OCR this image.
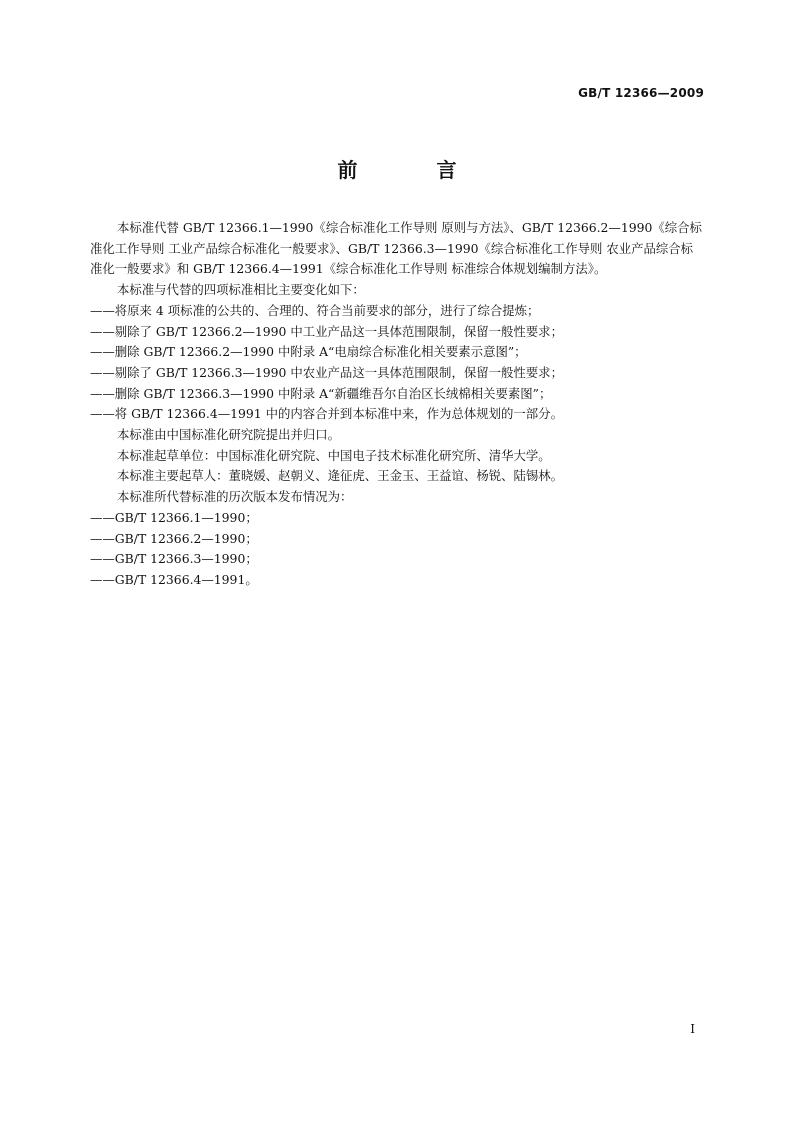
GB/T 12366—2009
前 言

本标准代替 GB/T 12366.1—1990《综合标准化工作导则 原则与方法》、GB/T 12366.2—1990《综合标准化工作导则 工业产品综合标准化一般要求》、GB/T 12366.3—1990《综合标准化工作导则 农业产品综合标准化一般要求》和 GB/T 12366.4—1991《综合标准化工作导则 标准综合体规划编制方法》。

本标准与代替的四项标准相比主要变化如下：

——将原来 4 项标准的公共的、合理的、符合当前要求的部分，进行了综合提炼；

——剔除了 GB/T 12366.2—1990 中工业产品这一具体范围限制，保留一般性要求；

——删除 GB/T 12366.2—1990 中附录 A“电扇综合标准化相关要素示意图”；

——剔除了 GB/T 12366.3—1990 中农业产品这一具体范围限制，保留一般性要求；

——删除 GB/T 12366.3—1990 中附录 A“新疆维吾尔自治区长绒棉相关要素图”；

——将 GB/T 12366.4—1991 中的内容合并到本标准中来，作为总体规划的一部分。

本标准由中国标准化研究院提出并归口。

本标准起草单位：中国标准化研究院、中国电子技术标准化研究所、清华大学。

本标准主要起草人：董晓媛、赵朝义、逄征虎、王金玉、王益谊、杨锐、陆锡林。

本标准所代替标准的历次版本发布情况为：

——GB/T 12366.1—1990；

——GB/T 12366.2—1990；

——GB/T 12366.3—1990；

——GB/T 12366.4—1991。

I
